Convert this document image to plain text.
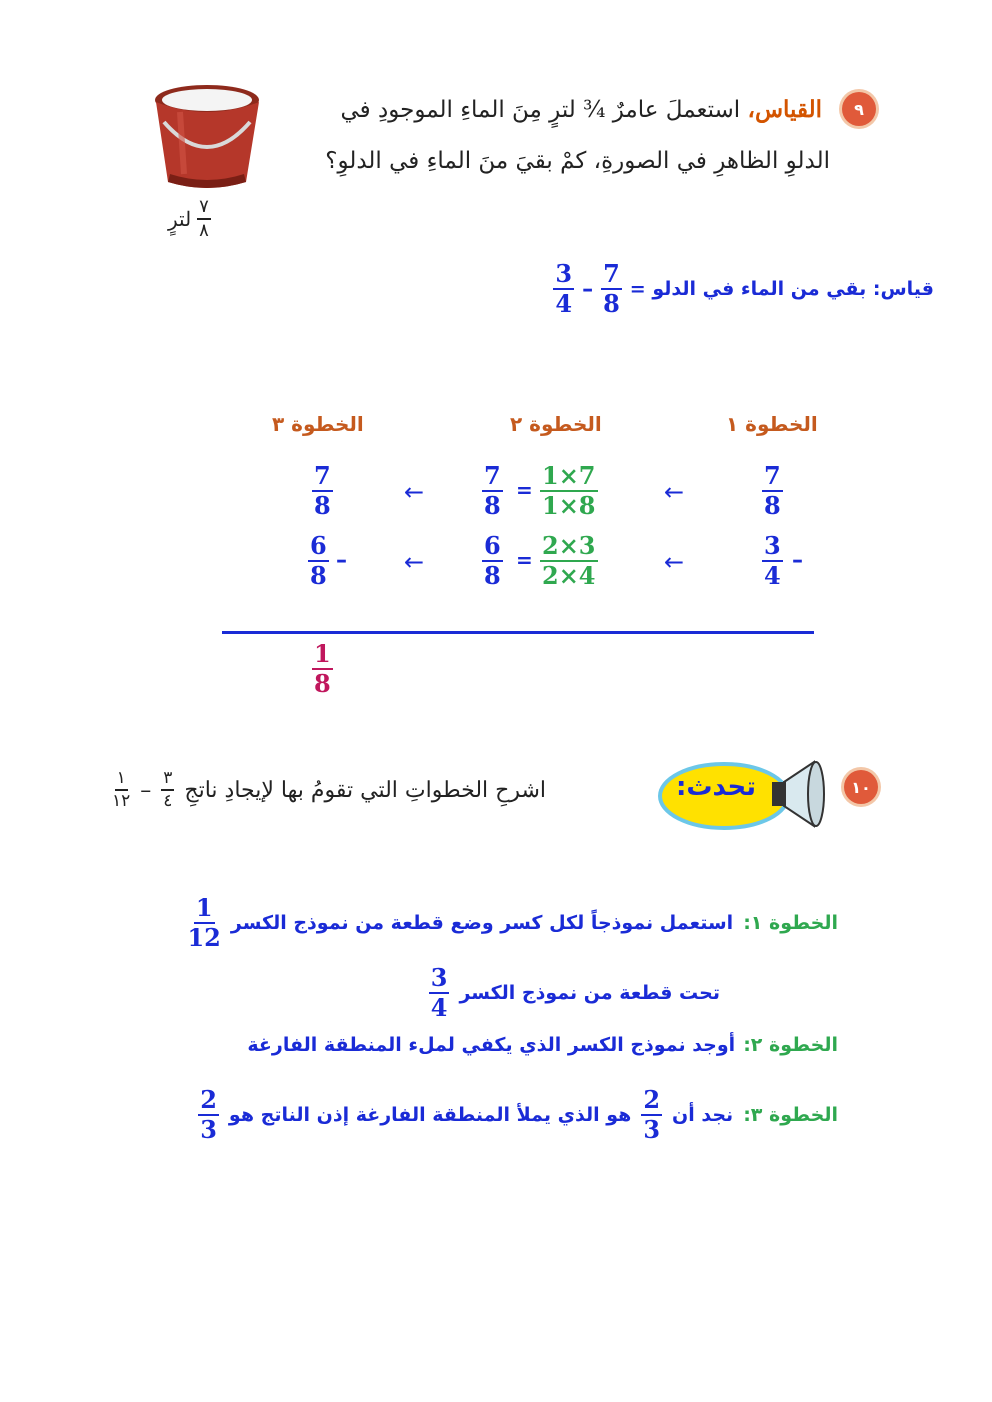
٩
لترٍ $\frac{٧}{٨}$
القياس، استعملَ عامرٌ ¾ لترٍ مِنَ الماءِ الموجودِ في
الدلوِ الظاهرِ في الصورةِ، كمْ بقيَ منَ الماءِ في الدلوِ؟
قياس: بقي من الماء في الدلو =
$\frac{7}{8}$
–
$\frac{3}{4}$
الخطوة ١
الخطوة ٢
الخطوة ٣
$\frac{7}{8}$
←
$\frac{1\times 7}{1\times 8}$
=
$\frac{7}{8}$
←
$\frac{7}{8}$
$\frac{3}{4}$ –
←
$\frac{2\times 3}{2\times 4}$
=
$\frac{6}{8}$
←
$\frac{6}{8}$ –
$\frac{1}{8}$
١٠
تحدث:
$\frac{١}{١٢} - \frac{٣}{٤}$ اشرحِ الخطواتِ التي تقومُ بها لإيجادِ ناتجِ
الخطوة ١:
استعمل نموذجاً لكل كسر وضع قطعة من نموذج الكسر
$\frac{1}{12}$
تحت قطعة من نموذج الكسر
$\frac{3}{4}$
الخطوة ٢:
أوجد نموذج الكسر الذي يكفي لملء المنطقة الفارغة
الخطوة ٣:
نجد أن
$\frac{2}{3}$
هو الذي يملأ المنطقة الفارغة إذن الناتج هو
$\frac{2}{3}$
